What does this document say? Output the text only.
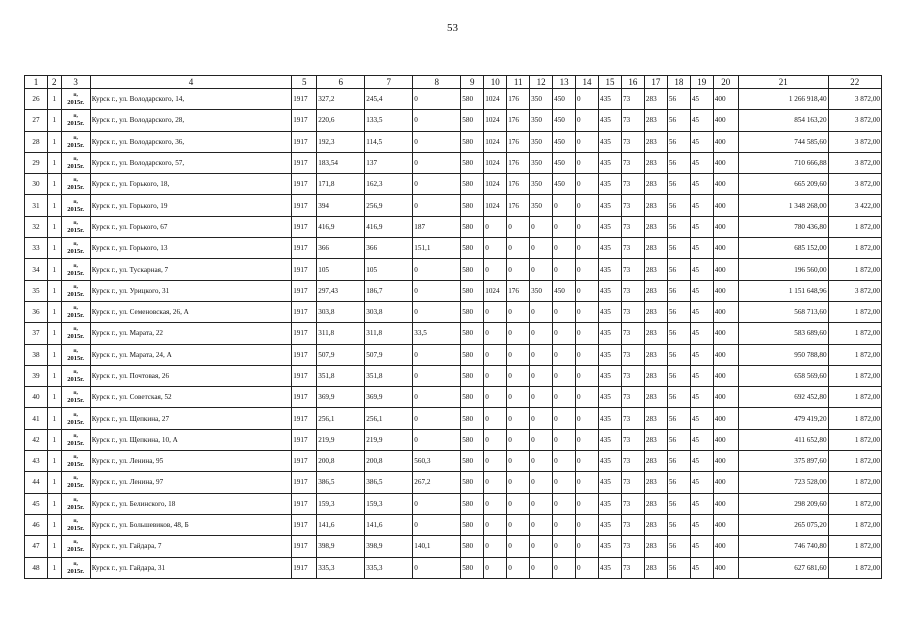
53
1	2	3	4	5	6	7	8	9	10	11	12	13	14	15	16	17	18	19	20	21	22
26	1	п,
2015г.	Курск г., ул. Володарского, 14,	1917	327,2	245,4	0	580	1024	176	350	450	0	435	73	283	56	45	400	1 266 918,40	3 872,00
27	1	п,
2015г.	Курск г., ул. Володарского, 28,	1917	220,6	133,5	0	580	1024	176	350	450	0	435	73	283	56	45	400	854 163,20	3 872,00
28	1	п,
2015г.	Курск г., ул. Володарского, 36,	1917	192,3	114,5	0	580	1024	176	350	450	0	435	73	283	56	45	400	744 585,60	3 872,00
29	1	п,
2015г.	Курск г., ул. Володарского, 57,	1917	183,54	137	0	580	1024	176	350	450	0	435	73	283	56	45	400	710 666,88	3 872,00
30	1	п,
2015г.	Курск г., ул. Горького, 18,	1917	171,8	162,3	0	580	1024	176	350	450	0	435	73	283	56	45	400	665 209,60	3 872,00
31	1	п,
2015г.	Курск г., ул. Горького, 19	1917	394	256,9	0	580	1024	176	350	0	0	435	73	283	56	45	400	1 348 268,00	3 422,00
32	1	п,
2015г.	Курск г., ул. Горького, 67	1917	416,9	416,9	187	580	0	0	0	0	0	435	73	283	56	45	400	780 436,80	1 872,00
33	1	п,
2015г.	Курск г., ул. Горького, 13	1917	366	366	151,1	580	0	0	0	0	0	435	73	283	56	45	400	685 152,00	1 872,00
34	1	п,
2015г.	Курск г., ул. Тускарная, 7	1917	105	105	0	580	0	0	0	0	0	435	73	283	56	45	400	196 560,00	1 872,00
35	1	п,
2015г.	Курск г., ул. Урицкого, 31	1917	297,43	186,7	0	580	1024	176	350	450	0	435	73	283	56	45	400	1 151 648,96	3 872,00
36	1	п,
2015г.	Курск г., ул. Семеновская, 26, А	1917	303,8	303,8	0	580	0	0	0	0	0	435	73	283	56	45	400	568 713,60	1 872,00
37	1	п,
2015г.	Курск г., ул. Марата, 22	1917	311,8	311,8	33,5	580	0	0	0	0	0	435	73	283	56	45	400	583 689,60	1 872,00
38	1	п,
2015г.	Курск г., ул. Марата, 24, А	1917	507,9	507,9	0	580	0	0	0	0	0	435	73	283	56	45	400	950 788,80	1 872,00
39	1	п,
2015г.	Курск г., ул. Почтовая, 26	1917	351,8	351,8	0	580	0	0	0	0	0	435	73	283	56	45	400	658 569,60	1 872,00
40	1	п,
2015г.	Курск г., ул. Советская, 52	1917	369,9	369,9	0	580	0	0	0	0	0	435	73	283	56	45	400	692 452,80	1 872,00
41	1	п,
2015г.	Курск г., ул. Щепкина, 27	1917	256,1	256,1	0	580	0	0	0	0	0	435	73	283	56	45	400	479 419,20	1 872,00
42	1	п,
2015г.	Курск г., ул. Щепкина, 10, А	1917	219,9	219,9	0	580	0	0	0	0	0	435	73	283	56	45	400	411 652,80	1 872,00
43	1	п,
2015г.	Курск г., ул. Ленина, 95	1917	200,8	200,8	560,3	580	0	0	0	0	0	435	73	283	56	45	400	375 897,60	1 872,00
44	1	п,
2015г.	Курск г., ул. Ленина, 97	1917	386,5	386,5	267,2	580	0	0	0	0	0	435	73	283	56	45	400	723 528,00	1 872,00
45	1	п,
2015г.	Курск г., ул. Белинского, 18	1917	159,3	159,3	0	580	0	0	0	0	0	435	73	283	56	45	400	298 209,60	1 872,00
46	1	п,
2015г.	Курск г., ул. Большевиков, 48, Б	1917	141,6	141,6	0	580	0	0	0	0	0	435	73	283	56	45	400	265 075,20	1 872,00
47	1	п,
2015г.	Курск г., ул. Гайдара, 7	1917	398,9	398,9	140,1	580	0	0	0	0	0	435	73	283	56	45	400	746 740,80	1 872,00
48	1	п,
2015г.	Курск г., ул. Гайдара, 31	1917	335,3	335,3	0	580	0	0	0	0	0	435	73	283	56	45	400	627 681,60	1 872,00
